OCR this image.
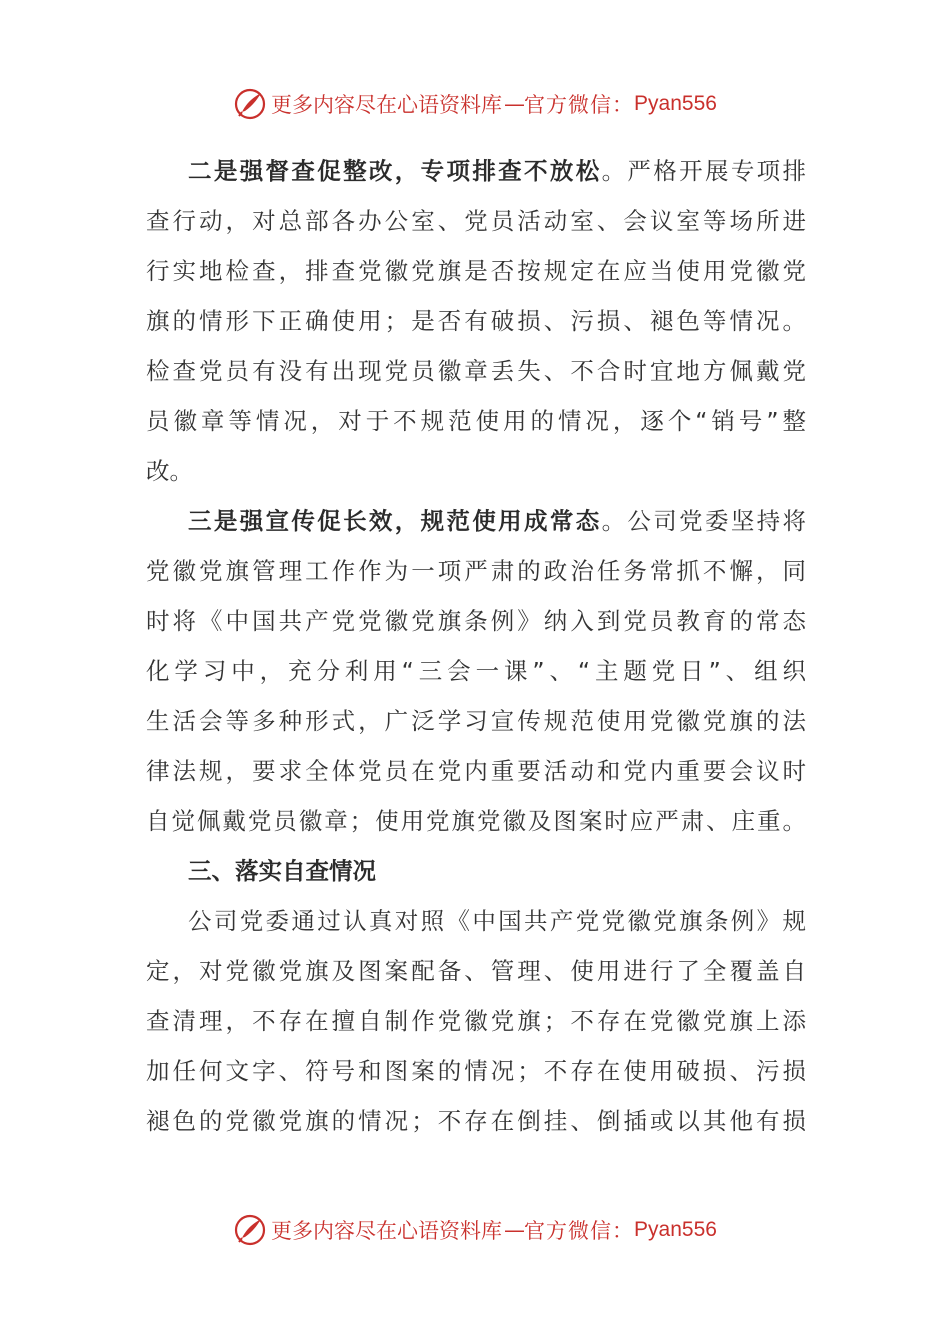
更多内容尽在心语资料库 — 官方微信： Pyan556
二是强督查促整改，专项排查不放松。严格开展专项排
查行动，对总部各办公室、党员活动室、会议室等场所进
行实地检查，排查党徽党旗是否按规定在应当使用党徽党
旗的情形下正确使用；是否有破损、污损、褪色等情况。
检查党员有没有出现党员徽章丢失、不合时宜地方佩戴党
员徽章等情况，对于不规范使用的情况，逐个“销号”整
改。
三是强宣传促长效，规范使用成常态。公司党委坚持将
党徽党旗管理工作作为一项严肃的政治任务常抓不懈，同
时将《中国共产党党徽党旗条例》纳入到党员教育的常态
化学习中，充分利用“三会一课”、“主题党日”、组织
生活会等多种形式，广泛学习宣传规范使用党徽党旗的法
律法规，要求全体党员在党内重要活动和党内重要会议时
自觉佩戴党员徽章；使用党旗党徽及图案时应严肃、庄重。
三、落实自查情况
公司党委通过认真对照《中国共产党党徽党旗条例》规
定，对党徽党旗及图案配备、管理、使用进行了全覆盖自
查清理，不存在擅自制作党徽党旗；不存在党徽党旗上添
加任何文字、符号和图案的情况；不存在使用破损、污损
褪色的党徽党旗的情况；不存在倒挂、倒插或以其他有损
更多内容尽在心语资料库 — 官方微信： Pyan556
